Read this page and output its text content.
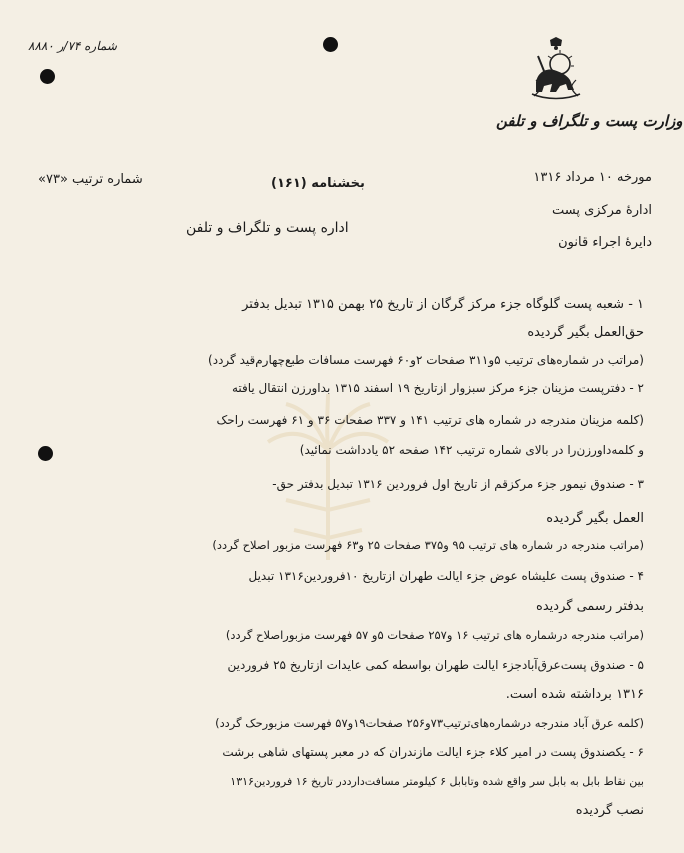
شماره ۷۴/ر ۸۸۸۰
وزارت پست و تلگراف و تلفن
شماره ترتیب «۷۳»	بخشنامه (۱۶۱)	مورخه ۱۰ مرداد ۱۳۱۶
ادارهٔ مرکزی پست
اداره پست و تلگراف و تلفن
دایرهٔ اجراء قانون
۱ - شعبه پست گلوگاه جزء مرکز گرگان از تاریخ ۲۵ بهمن ۱۳۱۵ تبدیل بدفتر
حق‌العمل بگیر گردیده
(مراتب در شماره‌های ترتیب ۵و۳۱۱ صفحات ۲و۶۰ فهرست مسافات طبع‌چهارم‌قید گردد)
۲ - دفترپست مزینان جزء مرکز سبزوار ازتاریخ ۱۹ اسفند ۱۳۱۵ بداورزن انتقال یافته
(کلمه مزینان مندرجه در شماره های ترتیب ۱۴۱ و ۳۳۷ صفحات ۳۶ و ۶۱ فهرست راحک
و کلمه‌داورزن‌را در بالای شماره ترتیب ۱۴۲ صفحه ۵۲ یادداشت نمائید)
۳ - صندوق نیمور جزء مرکزقم از تاریخ اول فروردین ۱۳۱۶ تبدیل بدفتر حق-
العمل بگیر گردیده
(مراتب مندرجه در شماره های ترتیب ۹۵ و۳۷۵ صفحات ۲۵ و۶۳ فهرست مزبور اصلاح گردد)
۴ - صندوق پست علیشاه عوض جزء ایالت طهران ازتاریخ ۱۰فروردین۱۳۱۶ تبدیل
بدفتر رسمی گردیده
(مراتب مندرجه درشماره های ترتیب ۱۶ و۲۵۷ صفحات ۵و ۵۷ فهرست مزبوراصلاح گردد)
۵ - صندوق پست‌عرق‌آبادجزء ایالت طهران بواسطه کمی عایدات ازتاریخ ۲۵ فروردین
۱۳۱۶ برداشته شده است.
(کلمه عرق آباد مندرجه درشماره‌های‌ترتیب۷۳و۲۵۶ صفحات۱۹و۵۷ فهرست مزبورحک گردد)
۶ - یکصندوق پست در امیر کلاء جزء ایالت مازندران که در معبر پستهای شاهی برشت
بین نقاط بابل به بابل سر واقع شده وتابابل ۶ کیلومتر مسافت‌دارددر تاریخ ۱۶ فروردین۱۳۱۶
نصب گردیده
